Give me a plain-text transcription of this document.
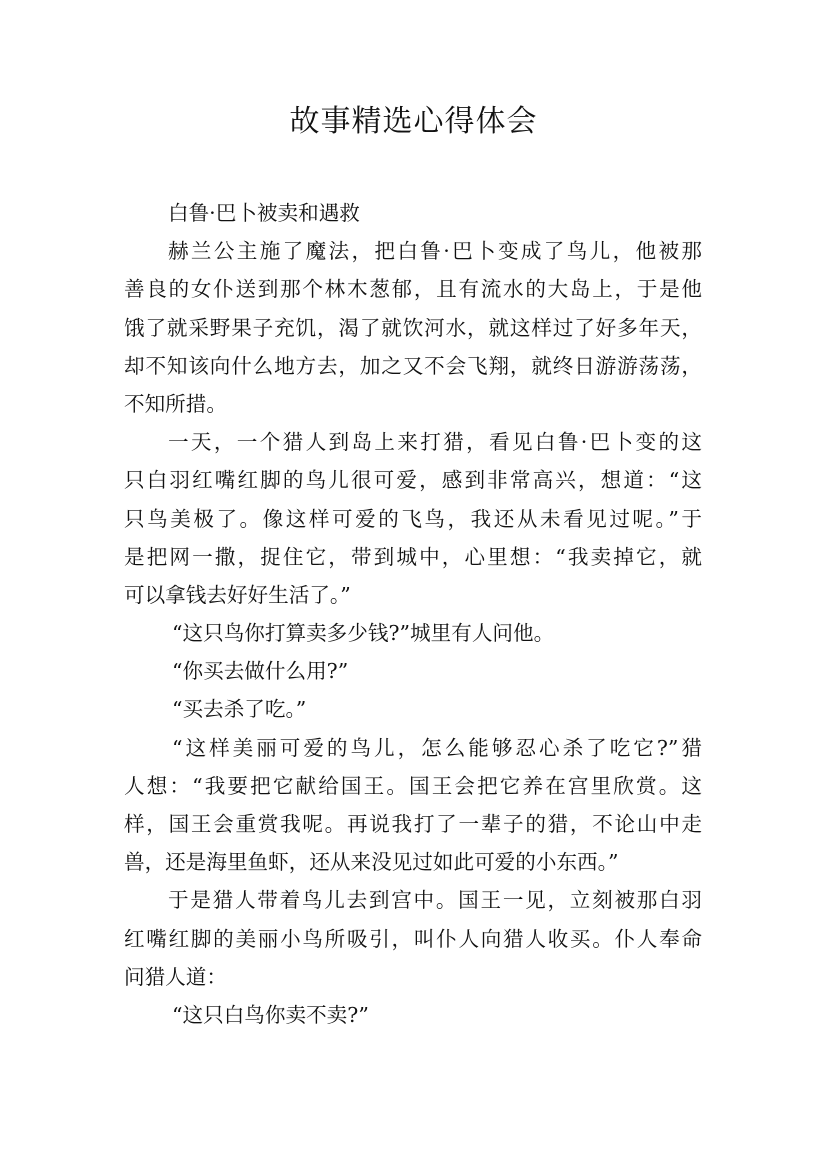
故事精选心得体会
白鲁·巴卜被卖和遇救
赫兰公主施了魔法，把白鲁·巴卜变成了鸟儿，他被那
善良的女仆送到那个林木葱郁，且有流水的大岛上，于是他
饿了就采野果子充饥，渴了就饮河水，就这样过了好多年天，
却不知该向什么地方去，加之又不会飞翔，就终日游游荡荡，
不知所措。
一天，一个猎人到岛上来打猎，看见白鲁·巴卜变的这
只白羽红嘴红脚的鸟儿很可爱，感到非常高兴，想道：“这
只鸟美极了。像这样可爱的飞鸟，我还从未看见过呢。”于
是把网一撒，捉住它，带到城中，心里想：“我卖掉它，就
可以拿钱去好好生活了。”
“这只鸟你打算卖多少钱?”城里有人问他。
“你买去做什么用?”
“买去杀了吃。”
“这样美丽可爱的鸟儿，怎么能够忍心杀了吃它?”猎
人想：“我要把它献给国王。国王会把它养在宫里欣赏。这
样，国王会重赏我呢。再说我打了一辈子的猎，不论山中走
兽，还是海里鱼虾，还从来没见过如此可爱的小东西。”
于是猎人带着鸟儿去到宫中。国王一见，立刻被那白羽
红嘴红脚的美丽小鸟所吸引，叫仆人向猎人收买。仆人奉命
问猎人道：
“这只白鸟你卖不卖?”
